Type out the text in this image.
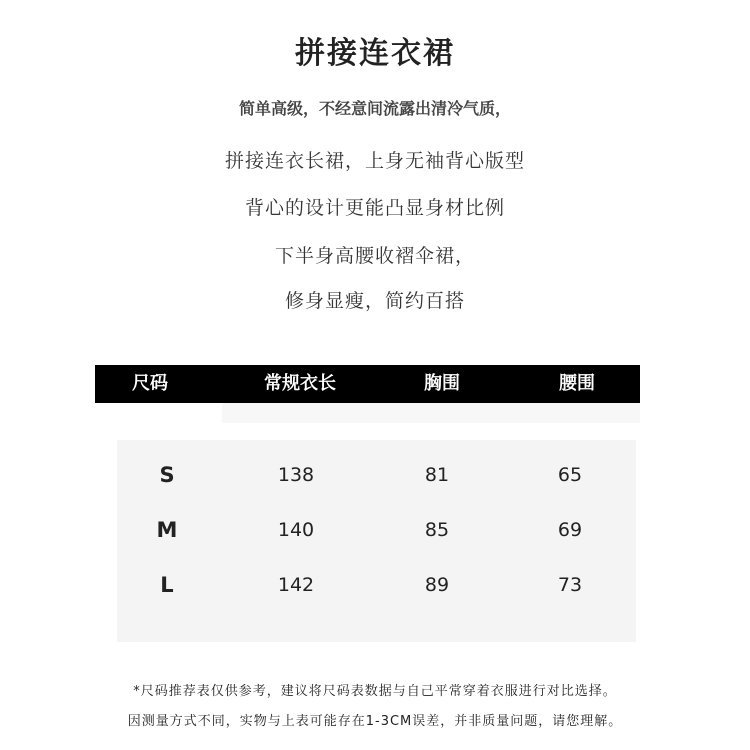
拼接连衣裙
简单高级，不经意间流露出清冷气质，
拼接连衣长裙，上身无袖背心版型
背心的设计更能凸显身材比例
下半身高腰收褶伞裙，
修身显瘦，简约百搭
尺码	常规衣长	胸围	腰围
S	138	81	65
M	140	85	69
L	142	89	73
*尺码推荐表仅供参考，建议将尺码表数据与自己平常穿着衣服进行对比选择。
因测量方式不同，实物与上表可能存在1-3CM误差，并非质量问题，请您理解。
